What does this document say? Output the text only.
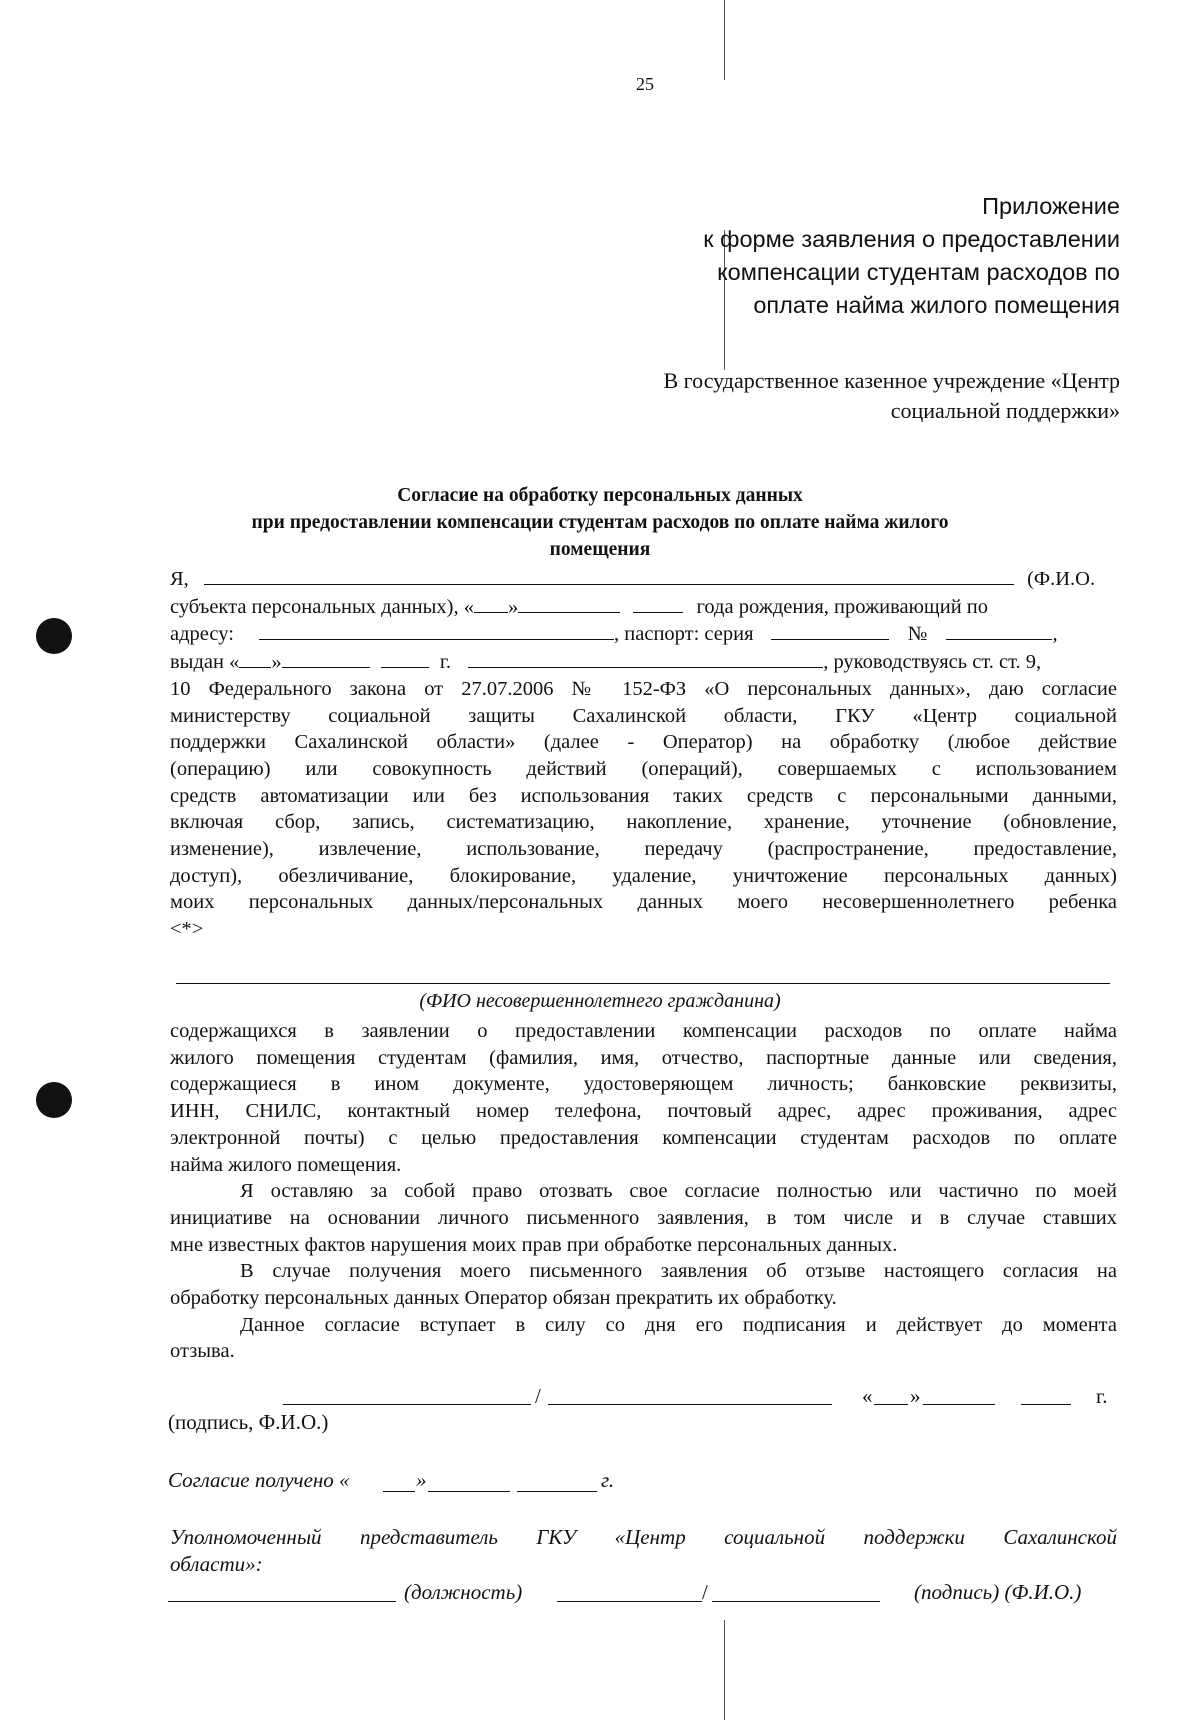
25
Приложение
к форме заявления о предоставлении
компенсации студентам расходов по
оплате найма жилого помещения
В государственное казенное учреждение «Центр
социальной поддержки»
Согласие на обработку персональных данных
при предоставлении компенсации студентам расходов по оплате найма жилого
помещения
Я,	(Ф.И.О.
субъекта персональных данных), « »	года рождения, проживающий по
адресу:	, паспорт: серия	№	,
выдан « »	г.	, руководствуясь ст. ст. 9,
10 Федерального закона от 27.07.2006 № 152-ФЗ «О персональных данных», даю согласие
министерству социальной защиты Сахалинской области, ГКУ «Центр социальной
поддержки Сахалинской области» (далее - Оператор) на обработку (любое действие
(операцию) или совокупность действий (операций), совершаемых с использованием
средств автоматизации или без использования таких средств с персональными данными,
включая сбор, запись, систематизацию, накопление, хранение, уточнение (обновление,
изменение), извлечение, использование, передачу (распространение, предоставление,
доступ), обезличивание, блокирование, удаление, уничтожение персональных данных)
моих персональных данных/персональных данных моего несовершеннолетнего ребенка
<*>
(ФИО несовершеннолетнего гражданина)
содержащихся в заявлении о предоставлении компенсации расходов по оплате найма
жилого помещения студентам (фамилия, имя, отчество, паспортные данные или сведения,
содержащиеся в ином документе, удостоверяющем личность; банковские реквизиты,
ИНН, СНИЛС, контактный номер телефона, почтовый адрес, адрес проживания, адрес
электронной почты) с целью предоставления компенсации студентам расходов по оплате
найма жилого помещения.
Я оставляю за собой право отозвать свое согласие полностью или частично по моей
инициативе на основании личного письменного заявления, в том числе и в случае ставших
мне известных фактов нарушения моих прав при обработке персональных данных.
В случае получения моего письменного заявления об отзыве настоящего согласия на
обработку персональных данных Оператор обязан прекратить их обработку.
Данное согласие вступает в силу со дня его подписания и действует до момента
отзыва.
/	« »	г.
(подпись, Ф.И.О.)
Согласие получено «	»	г.
Уполномоченный представитель ГКУ «Центр социальной поддержки Сахалинской
области»:
(должность)	/	(подпись) (Ф.И.О.)
